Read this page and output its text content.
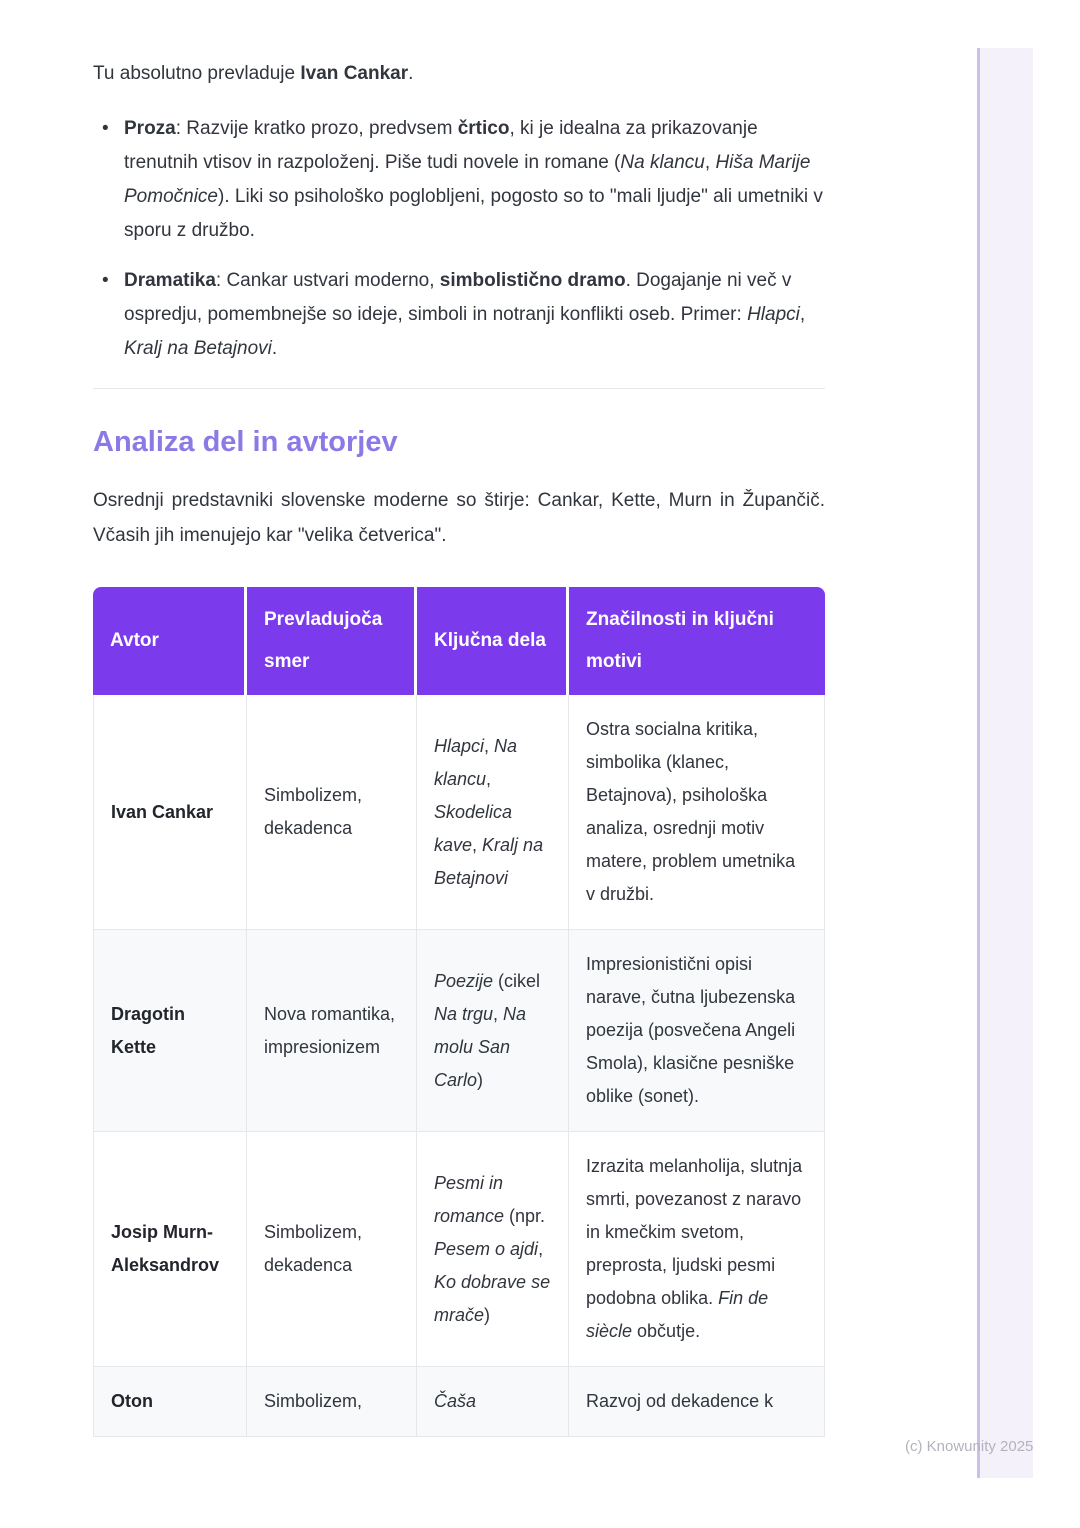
(c) Knowunity 2025

Tu absolutno prevladuje Ivan Cankar.

• Proza: Razvije kratko prozo, predvsem črtico, ki je idealna za prikazovanje trenutnih vtisov in razpoloženj. Piše tudi novele in romane (Na klancu, Hiša Marije Pomočnice). Liki so psihološko poglobljeni, pogosto so to "mali ljudje" ali umetniki v sporu z družbo.
• Dramatika: Cankar ustvari moderno, simbolistično dramo. Dogajanje ni več v ospredju, pomembnejše so ideje, simboli in notranji konflikti oseb. Primer: Hlapci, Kralj na Betajnovi.
Analiza del in avtorjev

Osrednji predstavniki slovenske moderne so štirje: Cankar, Kette, Murn in Župančič. Včasih jih imenujejo kar "velika četverica".

Avtor	Prevladujoča smer	Ključna dela	Značilnosti in ključni motivi
Ivan Cankar	Simbolizem, dekadenca	Hlapci, Na klancu, Skodelica kave, Kralj na Betajnovi	Ostra socialna kritika, simbolika (klanec, Betajnova), psihološka analiza, osrednji motiv matere, problem umetnika v družbi.
Dragotin Kette	Nova romantika, impresionizem	Poezije (cikel Na trgu, Na molu San Carlo)	Impresionistični opisi narave, čutna ljubezenska poezija (posvečena Angeli Smola), klasične pesniške oblike (sonet).
Josip Murn-Aleksandrov	Simbolizem, dekadenca	Pesmi in romance (npr. Pesem o ajdi, Ko dobrave se mrače)	Izrazita melanholija, slutnja smrti, povezanost z naravo in kmečkim svetom, preprosta, ljudski pesmi podobna oblika. Fin de siècle občutje.
Oton	Simbolizem,	Čaša	Razvoj od dekadence k
